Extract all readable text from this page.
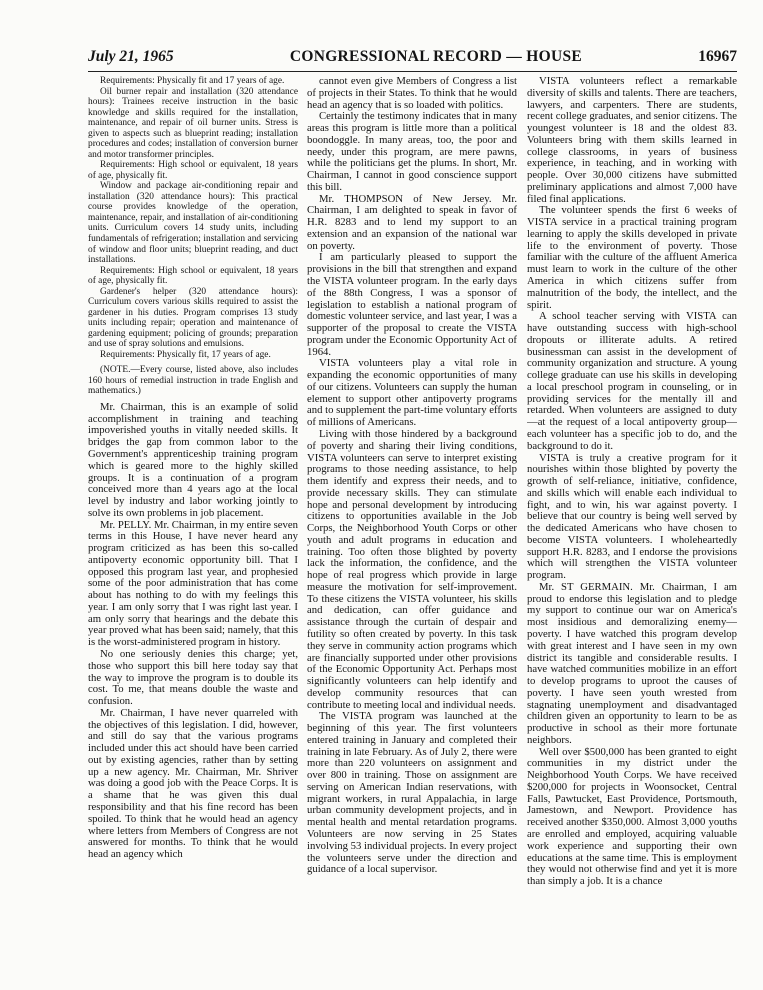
July 21, 1965	CONGRESSIONAL RECORD — HOUSE	16967

Requirements: Physically fit and 17 years of age.

Oil burner repair and installation (320 attendance hours): Trainees receive instruction in the basic knowledge and skills required for the installation, maintenance, and repair of oil burner units. Stress is given to aspects such as blueprint reading; installation procedures and codes; installation of conversion burner and motor transformer principles.

Requirements: High school or equivalent, 18 years of age, physically fit.

Window and package air-conditioning repair and installation (320 attendance hours): This practical course provides knowledge of the operation, maintenance, repair, and installation of air-conditioning units. Curriculum covers 14 study units, including fundamentals of refrigeration; installation and servicing of window and floor units; blueprint reading, and duct installations.

Requirements: High school or equivalent, 18 years of age, physically fit.

Gardener's helper (320 attendance hours): Curriculum covers various skills required to assist the gardener in his duties. Program comprises 13 study units including repair; operation and maintenance of gardening equipment; policing of grounds; preparation and use of spray solutions and emulsions.

Requirements: Physically fit, 17 years of age.

(NOTE.—Every course, listed above, also includes 160 hours of remedial instruction in trade English and mathematics.)

Mr. Chairman, this is an example of solid accomplishment in training and teaching impoverished youths in vitally needed skills. It bridges the gap from common labor to the Government's apprenticeship training program which is geared more to the highly skilled groups. It is a continuation of a program conceived more than 4 years ago at the local level by industry and labor working jointly to solve its own problems in job placement.

Mr. PELLY. Mr. Chairman, in my entire seven terms in this House, I have never heard any program criticized as has been this so-called antipoverty economic opportunity bill. That I opposed this program last year, and prophesied some of the poor administration that has come about has nothing to do with my feelings this year. I am only sorry that I was right last year. I am only sorry that hearings and the debate this year proved what has been said; namely, that this is the worst-administered program in history.

No one seriously denies this charge; yet, those who support this bill here today say that the way to improve the program is to double its cost. To me, that means double the waste and confusion.

Mr. Chairman, I have never quarreled with the objectives of this legislation. I did, however, and still do say that the various programs included under this act should have been carried out by existing agencies, rather than by setting up a new agency. Mr. Chairman, Mr. Shriver was doing a good job with the Peace Corps. It is a shame that he was given this dual responsibility and that his fine record has been spoiled. To think that he would head an agency where letters from Members of Congress are not answered for months. To think that he would head an agency which

cannot even give Members of Congress a list of projects in their States. To think that he would head an agency that is so loaded with politics.

Certainly the testimony indicates that in many areas this program is little more than a political boondoggle. In many areas, too, the poor and needy, under this program, are mere pawns, while the politicians get the plums. In short, Mr. Chairman, I cannot in good conscience support this bill.

Mr. THOMPSON of New Jersey. Mr. Chairman, I am delighted to speak in favor of H.R. 8283 and to lend my support to an extension and an expansion of the national war on poverty.

I am particularly pleased to support the provisions in the bill that strengthen and expand the VISTA volunteer program. In the early days of the 88th Congress, I was a sponsor of legislation to establish a national program of domestic volunteer service, and last year, I was a supporter of the proposal to create the VISTA program under the Economic Opportunity Act of 1964.

VISTA volunteers play a vital role in expanding the economic opportunities of many of our citizens. Volunteers can supply the human element to support other antipoverty programs and to supplement the part-time voluntary efforts of millions of Americans.

Living with those hindered by a background of poverty and sharing their living conditions, VISTA volunteers can serve to interpret existing programs to those needing assistance, to help them identify and express their needs, and to provide necessary skills. They can stimulate hope and personal development by introducing citizens to opportunities available in the Job Corps, the Neighborhood Youth Corps or other youth and adult programs in education and training. Too often those blighted by poverty lack the information, the confidence, and the hope of real progress which provide in large measure the motivation for self-improvement. To these citizens the VISTA volunteer, his skills and dedication, can offer guidance and assistance through the curtain of despair and futility so often created by poverty. In this task they serve in community action programs which are financially supported under other provisions of the Economic Opportunity Act. Perhaps most significantly volunteers can help identify and develop community resources that can contribute to meeting local and individual needs.

The VISTA program was launched at the beginning of this year. The first volunteers entered training in January and completed their training in late February. As of July 2, there were more than 220 volunteers on assignment and over 800 in training. Those on assignment are serving on American Indian reservations, with migrant workers, in rural Appalachia, in large urban community development projects, and in mental health and mental retardation programs. Volunteers are now serving in 25 States involving 53 individual projects. In every project the volunteers serve under the direction and guidance of a local supervisor.

VISTA volunteers reflect a remarkable diversity of skills and talents. There are teachers, lawyers, and carpenters. There are students, recent college graduates, and senior citizens. The youngest volunteer is 18 and the oldest 83. Volunteers bring with them skills learned in college classrooms, in years of business experience, in teaching, and in working with people. Over 30,000 citizens have submitted preliminary applications and almost 7,000 have filed final applications.

The volunteer spends the first 6 weeks of VISTA service in a practical training program learning to apply the skills developed in private life to the environment of poverty. Those familiar with the culture of the affluent America must learn to work in the culture of the other America in which citizens suffer from malnutrition of the body, the intellect, and the spirit.

A school teacher serving with VISTA can have outstanding success with high-school dropouts or illiterate adults. A retired businessman can assist in the development of community organization and structure. A young college graduate can use his skills in developing a local preschool program in counseling, or in providing services for the mentally ill and retarded. When volunteers are assigned to duty—at the request of a local antipoverty group—each volunteer has a specific job to do, and the background to do it.

VISTA is truly a creative program for it nourishes within those blighted by poverty the growth of self-reliance, initiative, confidence, and skills which will enable each individual to fight, and to win, his war against poverty. I believe that our country is being well served by the dedicated Americans who have chosen to become VISTA volunteers. I wholeheartedly support H.R. 8283, and I endorse the provisions which will strengthen the VISTA volunteer program.

Mr. ST GERMAIN. Mr. Chairman, I am proud to endorse this legislation and to pledge my support to continue our war on America's most insidious and demoralizing enemy—poverty. I have watched this program develop with great interest and I have seen in my own district its tangible and considerable results. I have watched communities mobilize in an effort to develop programs to uproot the causes of poverty. I have seen youth wrested from stagnating unemployment and disadvantaged children given an opportunity to learn to be as productive in school as their more fortunate neighbors.

Well over $500,000 has been granted to eight communities in my district under the Neighborhood Youth Corps. We have received $200,000 for projects in Woonsocket, Central Falls, Pawtucket, East Providence, Portsmouth, Jamestown, and Newport. Providence has received another $350,000. Almost 3,000 youths are enrolled and employed, acquiring valuable work experience and supporting their own educations at the same time. This is employment they would not otherwise find and yet it is more than simply a job. It is a chance
